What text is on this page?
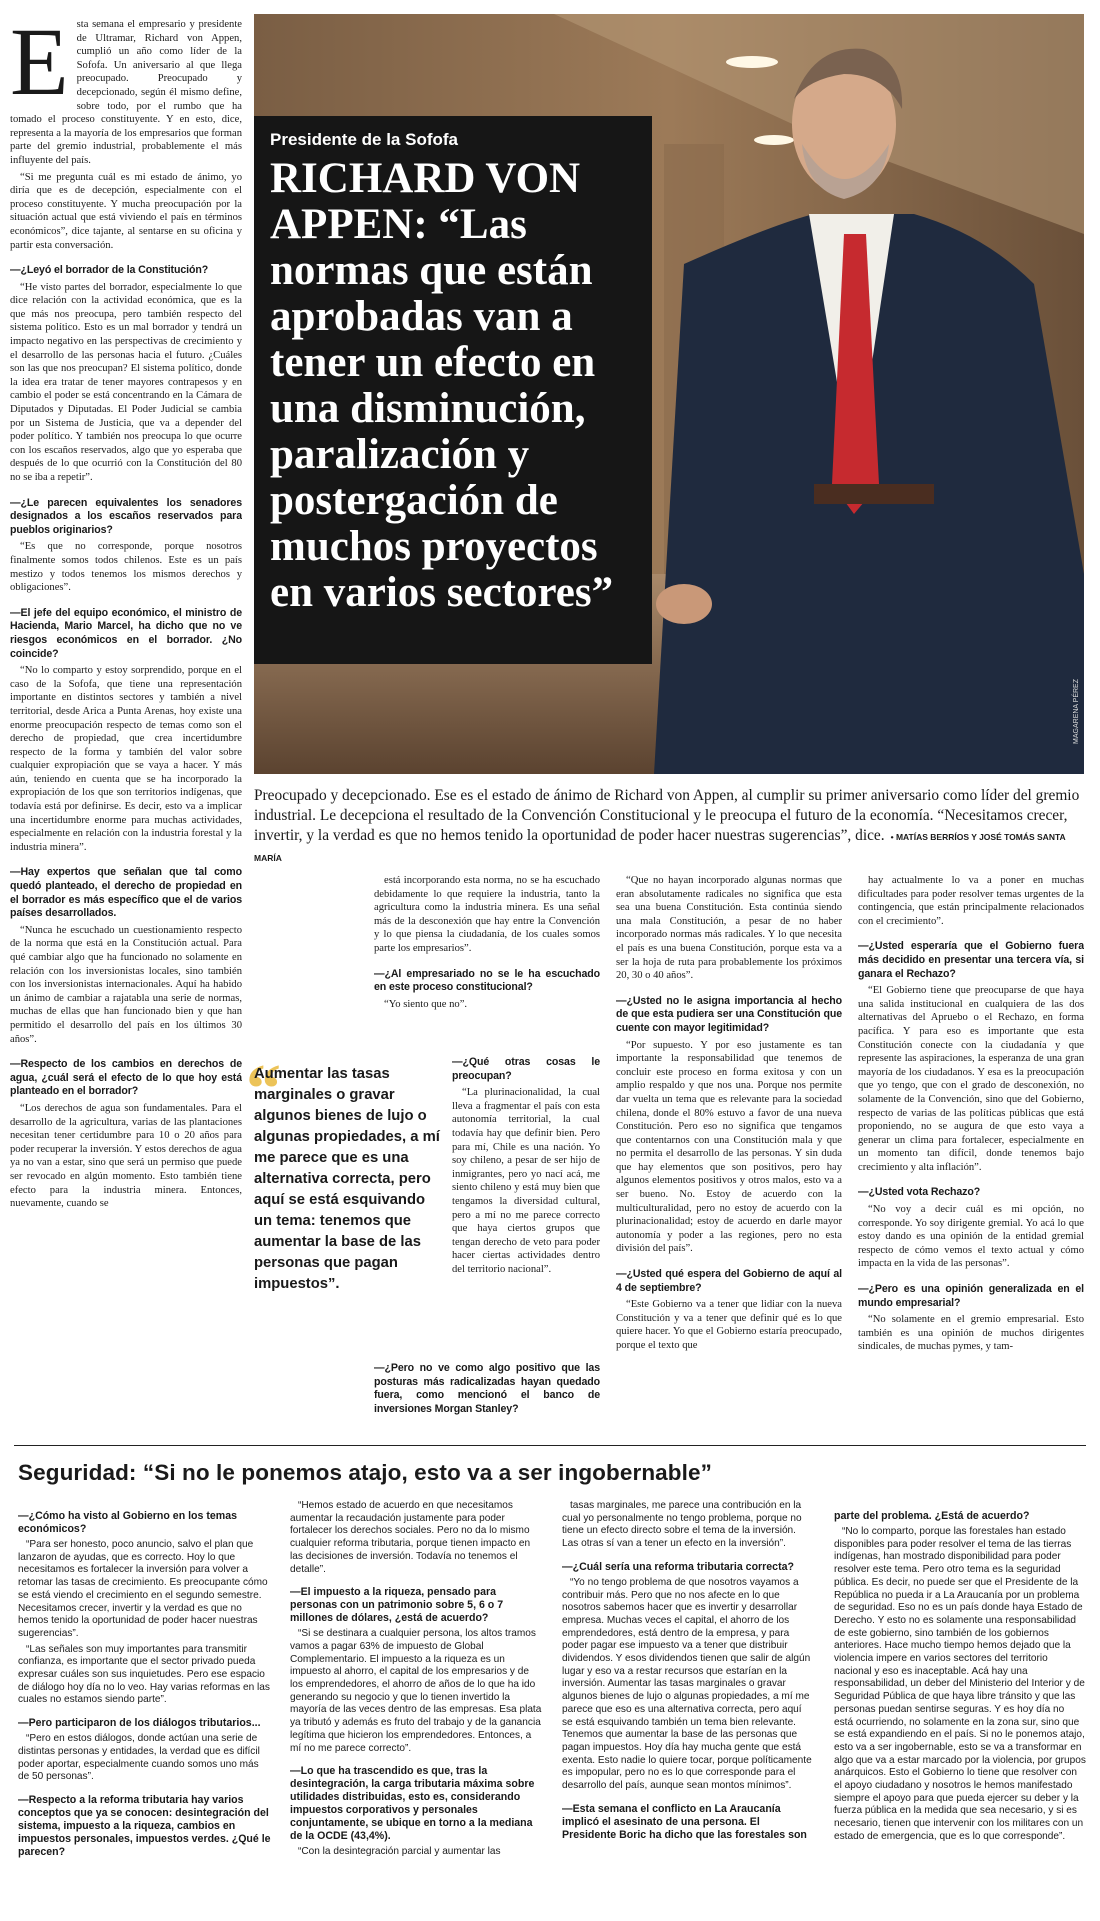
E sta semana el empresario y presidente de Ultramar, Richard von Appen, cumplió un año como líder de la Sofofa. Un aniversario al que llega preocupado. Preocupado y decepcionado, según él mismo define, sobre todo, por el rumbo que ha tomado el proceso constituyente. Y en esto, dice, representa a la mayoría de los empresarios que forman parte del gremio industrial, probablemente el más influyente del país.

“Si me pregunta cuál es mi estado de ánimo, yo diría que es de decepción, especialmente con el proceso constituyente. Y mucha preocupación por la situación actual que está viviendo el país en términos económicos”, dice tajante, al sentarse en su oficina y partir esta conversación.

—¿Leyó el borrador de la Constitución?

“He visto partes del borrador, especialmente lo que dice relación con la actividad económica, que es la que más nos preocupa, pero también respecto del sistema político. Esto es un mal borrador y tendrá un impacto negativo en las perspectivas de crecimiento y el desarrollo de las personas hacia el futuro. ¿Cuáles son las que nos preocupan? El sistema político, donde la idea era tratar de tener mayores contrapesos y en cambio el poder se está concentrando en la Cámara de Diputados y Diputadas. El Poder Judicial se cambia por un Sistema de Justicia, que va a depender del poder político. Y también nos preocupa lo que ocurre con los escaños reservados, algo que yo esperaba que después de lo que ocurrió con la Constitución del 80 no se iba a repetir”.

—¿Le parecen equivalentes los senadores designados a los escaños reservados para pueblos originarios?

“Es que no corresponde, porque nosotros finalmente somos todos chilenos. Este es un país mestizo y todos tenemos los mismos derechos y obligaciones”.

—El jefe del equipo económico, el ministro de Hacienda, Mario Marcel, ha dicho que no ve riesgos económicos en el borrador. ¿No coincide?

“No lo comparto y estoy sorprendido, porque en el caso de la Sofofa, que tiene una representación importante en distintos sectores y también a nivel territorial, desde Arica a Punta Arenas, hoy existe una enorme preocupación respecto de temas como son el derecho de propiedad, que crea incertidumbre respecto de la forma y también del valor sobre cualquier expropiación que se vaya a hacer. Y más aún, teniendo en cuenta que se ha incorporado la expropiación de los que son territorios indígenas, que todavía está por definirse. Es decir, esto va a implicar una incertidumbre enorme para muchas actividades, especialmente en relación con la industria forestal y la industria minera”.

—Hay expertos que señalan que tal como quedó planteado, el derecho de propiedad en el borrador es más específico que el de varios países desarrollados.

“Nunca he escuchado un cuestionamiento respecto de la norma que está en la Constitución actual. Para qué cambiar algo que ha funcionado no solamente en relación con los inversionistas locales, sino también con los inversionistas internacionales. Aquí ha habido un ánimo de cambiar a rajatabla una serie de normas, muchas de ellas que han funcionado bien y que han permitido el desarrollo del país en los últimos 30 años”.

—Respecto de los cambios en derechos de agua, ¿cuál será el efecto de lo que hoy está planteado en el borrador?

“Los derechos de agua son fundamentales. Para el desarrollo de la agricultura, varias de las plantaciones necesitan tener certidumbre para 10 o 20 años para poder recuperar la inversión. Y estos derechos de agua ya no van a estar, sino que será un permiso que puede ser revocado en algún momento. Esto también tiene efecto para la industria minera. Entonces, nuevamente, cuando se

MAGARENA PÉREZ
Presidente de la Sofofa
RICHARD VON APPEN: “Las normas que están aprobadas van a tener un efecto en una disminución, paralización y postergación de muchos proyectos en varios sectores”
Preocupado y decepcionado. Ese es el estado de ánimo de Richard von Appen, al cumplir su primer aniversario como líder del gremio industrial. Le decepciona el resultado de la Convención Constitucional y le preocupa el futuro de la economía. “Necesitamos crecer, invertir, y la verdad es que no hemos tenido la oportunidad de poder hacer nuestras sugerencias”, dice. • MATÍAS BERRÍOS Y JOSÉ TOMÁS SANTA MARÍA

está incorporando esta norma, no se ha escuchado debidamente lo que requiere la industria, tanto la agricultura como la industria minera. Es una señal más de la desconexión que hay entre la Convención y lo que piensa la ciudadanía, de los cuales somos parte los empresarios”.

—¿Al empresariado no se le ha escuchado en este proceso constitucional?

“Yo siento que no”.

“
Aumentar las tasas marginales o gravar algunos bienes de lujo o algunas propiedades, a mí me parece que es una alternativa correcta, pero aquí se está esquivando un tema: tenemos que aumentar la base de las personas que pagan impuestos”.

—¿Qué otras cosas le preocupan?

“La plurinacionalidad, la cual lleva a fragmentar el país con esta autonomía territorial, la cual todavía hay que definir bien. Pero para mí, Chile es una nación. Yo soy chileno, a pesar de ser hijo de inmigrantes, pero yo nací acá, me siento chileno y está muy bien que tengamos la diversidad cultural, pero a mí no me parece correcto que haya ciertos grupos que tengan derecho de veto para poder hacer ciertas actividades dentro del territorio nacional”.

—¿Pero no ve como algo positivo que las posturas más radicalizadas hayan quedado fuera, como mencionó el banco de inversiones Morgan Stanley?

“Que no hayan incorporado algunas normas que eran absolutamente radicales no significa que esta sea una buena Constitución. Esta continúa siendo una mala Constitución, a pesar de no haber incorporado normas más radicales. Y lo que necesita el país es una buena Constitución, porque esta va a ser la hoja de ruta para probablemente los próximos 20, 30 o 40 años”.

—¿Usted no le asigna importancia al hecho de que esta pudiera ser una Constitución que cuente con mayor legitimidad?

“Por supuesto. Y por eso justamente es tan importante la responsabilidad que tenemos de concluir este proceso en forma exitosa y con un amplio respaldo y que nos una. Porque nos permite dar vuelta un tema que es relevante para la sociedad chilena, donde el 80% estuvo a favor de una nueva Constitución. Pero eso no significa que tengamos que contentarnos con una Constitución mala y que no permita el desarrollo de las personas. Y sin duda que hay elementos que son positivos, pero hay algunos elementos positivos y otros malos, esto va a ser bueno. No. Estoy de acuerdo con la multiculturalidad, pero no estoy de acuerdo con la plurinacionalidad; estoy de acuerdo en darle mayor autonomía y poder a las regiones, pero no esta división del país”.

—¿Usted qué espera del Gobierno de aquí al 4 de septiembre?

“Este Gobierno va a tener que lidiar con la nueva Constitución y va a tener que definir qué es lo que quiere hacer. Yo que el Gobierno estaría preocupado, porque el texto que

hay actualmente lo va a poner en muchas dificultades para poder resolver temas urgentes de la contingencia, que están principalmente relacionados con el crecimiento”.

—¿Usted esperaría que el Gobierno fuera más decidido en presentar una tercera vía, si ganara el Rechazo?

“El Gobierno tiene que preocuparse de que haya una salida institucional en cualquiera de las dos alternativas del Apruebo o el Rechazo, en forma pacífica. Y para eso es importante que esta Constitución conecte con la ciudadanía y que represente las aspiraciones, la esperanza de una gran mayoría de los ciudadanos. Y esa es la preocupación que yo tengo, que con el grado de desconexión, no solamente de la Convención, sino que del Gobierno, respecto de varias de las políticas públicas que está proponiendo, no se augura de que esto vaya a generar un clima para fortalecer, especialmente en un momento tan difícil, donde tenemos bajo crecimiento y alta inflación”.

—¿Usted vota Rechazo?

“No voy a decir cuál es mi opción, no corresponde. Yo soy dirigente gremial. Yo acá lo que estoy dando es una opinión de la entidad gremial respecto de cómo vemos el texto actual y cómo impacta en la vida de las personas”.

—¿Pero es una opinión generalizada en el mundo empresarial?

“No solamente en el gremio empresarial. Esto también es una opinión de muchos dirigentes sindicales, de muchas pymes, y tam-

Seguridad: “Si no le ponemos atajo, esto va a ser ingobernable”

—¿Cómo ha visto al Gobierno en los temas económicos?

“Para ser honesto, poco anuncio, salvo el plan que lanzaron de ayudas, que es correcto. Hoy lo que necesitamos es fortalecer la inversión para volver a retomar las tasas de crecimiento. Es preocupante cómo se está viendo el crecimiento en el segundo semestre. Necesitamos crecer, invertir y la verdad es que no hemos tenido la oportunidad de poder hacer nuestras sugerencias”.

“Las señales son muy importantes para transmitir confianza, es importante que el sector privado pueda expresar cuáles son sus inquietudes. Pero ese espacio de diálogo hoy día no lo veo. Hay varias reformas en las cuales no estamos siendo parte”.

—Pero participaron de los diálogos tributarios...

“Pero en estos diálogos, donde actúan una serie de distintas personas y entidades, la verdad que es difícil poder aportar, especialmente cuando somos uno más de 50 personas”.

—Respecto a la reforma tributaria hay varios conceptos que ya se conocen: desintegración del sistema, impuesto a la riqueza, cambios en impuestos personales, impuestos verdes. ¿Qué le parecen?

“Hemos estado de acuerdo en que necesitamos aumentar la recaudación justamente para poder fortalecer los derechos sociales. Pero no da lo mismo cualquier reforma tributaria, porque tienen impacto en las decisiones de inversión. Todavía no tenemos el detalle”.

—El impuesto a la riqueza, pensado para personas con un patrimonio sobre 5, 6 o 7 millones de dólares, ¿está de acuerdo?

“Si se destinara a cualquier persona, los altos tramos vamos a pagar 63% de impuesto de Global Complementario. El impuesto a la riqueza es un impuesto al ahorro, el capital de los empresarios y de los emprendedores, el ahorro de años de lo que ha ido generando su negocio y que lo tienen invertido la mayoría de las veces dentro de las empresas. Esa plata ya tributó y además es fruto del trabajo y de la ganancia legítima que hicieron los emprendedores. Entonces, a mí no me parece correcto”.

—Lo que ha trascendido es que, tras la desintegración, la carga tributaria máxima sobre utilidades distribuidas, esto es, considerando impuestos corporativos y personales conjuntamente, se ubique en torno a la mediana de la OCDE (43,4%).

“Con la desintegración parcial y aumentar las

tasas marginales, me parece una contribución en la cual yo personalmente no tengo problema, porque no tiene un efecto directo sobre el tema de la inversión. Las otras sí van a tener un efecto en la inversión”.

—¿Cuál sería una reforma tributaria correcta?

“Yo no tengo problema de que nosotros vayamos a contribuir más. Pero que no nos afecte en lo que nosotros sabemos hacer que es invertir y desarrollar empresa. Muchas veces el capital, el ahorro de los emprendedores, está dentro de la empresa, y para poder pagar ese impuesto va a tener que distribuir dividendos. Y esos dividendos tienen que salir de algún lugar y eso va a restar recursos que estarían en la inversión. Aumentar las tasas marginales o gravar algunos bienes de lujo o algunas propiedades, a mí me parece que eso es una alternativa correcta, pero aquí se está esquivando también un tema bien relevante. Tenemos que aumentar la base de las personas que pagan impuestos. Hoy día hay mucha gente que está exenta. Esto nadie lo quiere tocar, porque políticamente es impopular, pero no es lo que corresponde para el desarrollo del país, aunque sean montos mínimos”.

—Esta semana el conflicto en La Araucanía implicó el asesinato de una persona. El Presidente Boric ha dicho que las forestales son

parte del problema. ¿Está de acuerdo?

“No lo comparto, porque las forestales han estado disponibles para poder resolver el tema de las tierras indígenas, han mostrado disponibilidad para poder resolver este tema. Pero otro tema es la seguridad pública. Es decir, no puede ser que el Presidente de la República no pueda ir a La Araucanía por un problema de seguridad. Eso no es un país donde haya Estado de Derecho. Y esto no es solamente una responsabilidad de este gobierno, sino también de los gobiernos anteriores. Hace mucho tiempo hemos dejado que la violencia impere en varios sectores del territorio nacional y eso es inaceptable. Acá hay una responsabilidad, un deber del Ministerio del Interior y de Seguridad Pública de que haya libre tránsito y que las personas puedan sentirse seguras. Y es hoy día no está ocurriendo, no solamente en la zona sur, sino que se está expandiendo en el país. Si no le ponemos atajo, esto va a ser ingobernable, esto se va a transformar en algo que va a estar marcado por la violencia, por grupos anárquicos. Esto el Gobierno lo tiene que resolver con el apoyo ciudadano y nosotros le hemos manifestado siempre el apoyo para que pueda ejercer su deber y la fuerza pública en la medida que sea necesario, y si es necesario, tienen que intervenir con los militares con un estado de emergencia, que es lo que corresponde”.
